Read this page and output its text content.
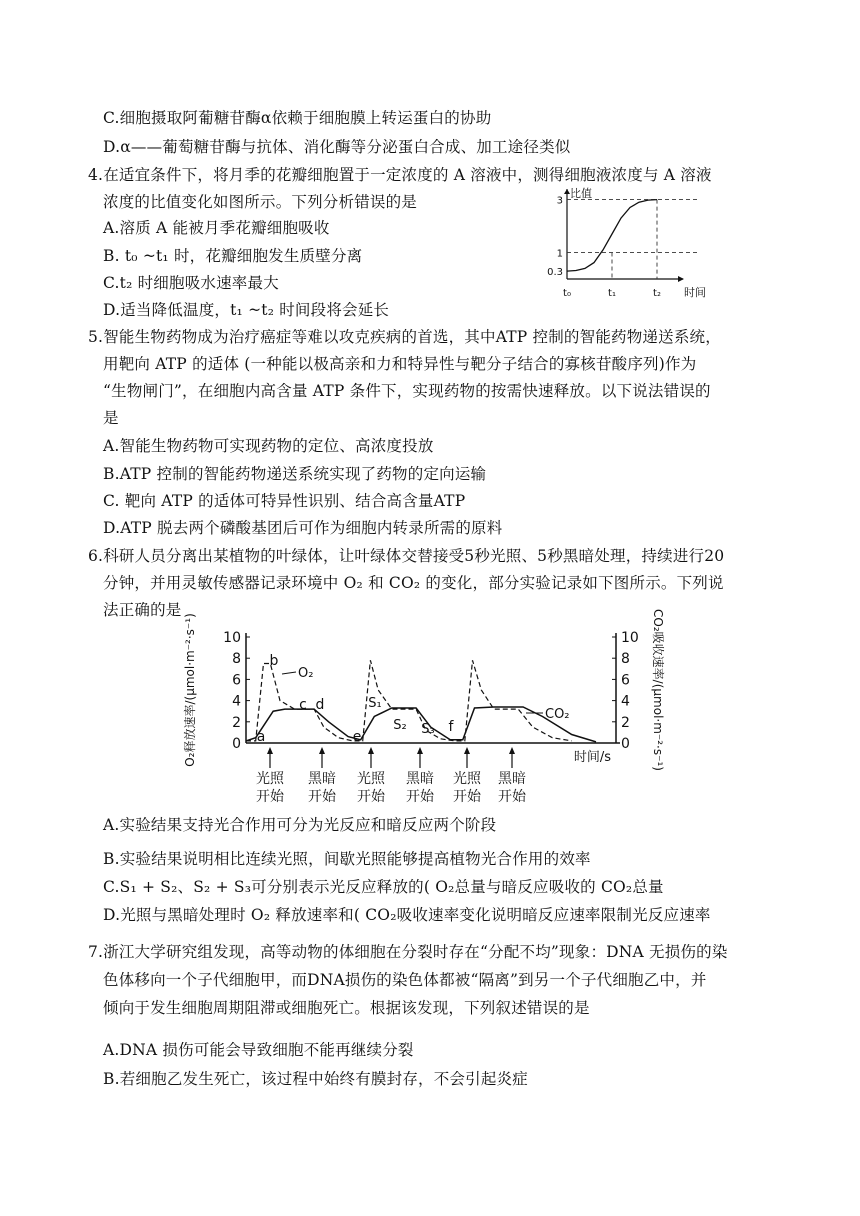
C.细胞摄取阿葡糖苷酶α依赖于细胞膜上转运蛋白的协助
D.α——葡萄糖苷酶与抗体、消化酶等分泌蛋白合成、加工途径类似
4.在适宜条件下，将月季的花瓣细胞置于一定浓度的 A 溶液中，测得细胞液浓度与 A 溶液
浓度的比值变化如图所示。下列分析错误的是
A.溶质 A 能被月季花瓣细胞吸收
B. t₀ ~t₁ 时，花瓣细胞发生质壁分离
C.t₂ 时细胞吸水速率最大
D.适当降低温度，t₁ ~t₂ 时间段将会延长
比值
时间
0.3
1
3
t₀	t₁	t₂
5.智能生物药物成为治疗癌症等难以攻克疾病的首选，其中ATP 控制的智能药物递送系统，
用靶向 ATP 的适体 (一种能以极高亲和力和特异性与靶分子结合的寡核苷酸序列)作为
“生物闸门”，在细胞内高含量 ATP 条件下，实现药物的按需快速释放。以下说法错误的
是
A.智能生物药物可实现药物的定位、高浓度投放
B.ATP 控制的智能药物递送系统实现了药物的定向运输
C. 靶向 ATP 的适体可特异性识别、结合高含量ATP
D.ATP 脱去两个磷酸基团后可作为细胞内转录所需的原料
6.科研人员分离出某植物的叶绿体，让叶绿体交替接受5秒光照、5秒黑暗处理，持续进行20
分钟，并用灵敏传感器记录环境中 O₂ 和 CO₂ 的变化，部分实验记录如下图所示。下列说
法正确的是
0	0
2	2
4	4
6	6
8	8
10	10
O₂释放速率/(μmol·m⁻²·s⁻¹)	CO₂吸收速率/(μmol·m⁻²·s⁻¹)
时间/s
O₂
CO₂
a
b
c d
e
f
S₁
S₂ S₃
光照
开始
黑暗
开始
光照
开始
黑暗
开始
光照
开始
黑暗
开始
A.实验结果支持光合作用可分为光反应和暗反应两个阶段
B.实验结果说明相比连续光照，间歇光照能够提高植物光合作用的效率
C.S₁ + S₂、S₂ + S₃可分别表示光反应释放的( O₂总量与暗反应吸收的 CO₂总量
D.光照与黑暗处理时 O₂ 释放速率和( CO₂吸收速率变化说明暗反应速率限制光反应速率
7.浙江大学研究组发现，高等动物的体细胞在分裂时存在“分配不均”现象：DNA 无损伤的染
色体移向一个子代细胞甲，而DNA损伤的染色体都被“隔离”到另一个子代细胞乙中，并
倾向于发生细胞周期阻滞或细胞死亡。根据该发现，下列叙述错误的是
A.DNA 损伤可能会导致细胞不能再继续分裂
B.若细胞乙发生死亡，该过程中始终有膜封存，不会引起炎症
